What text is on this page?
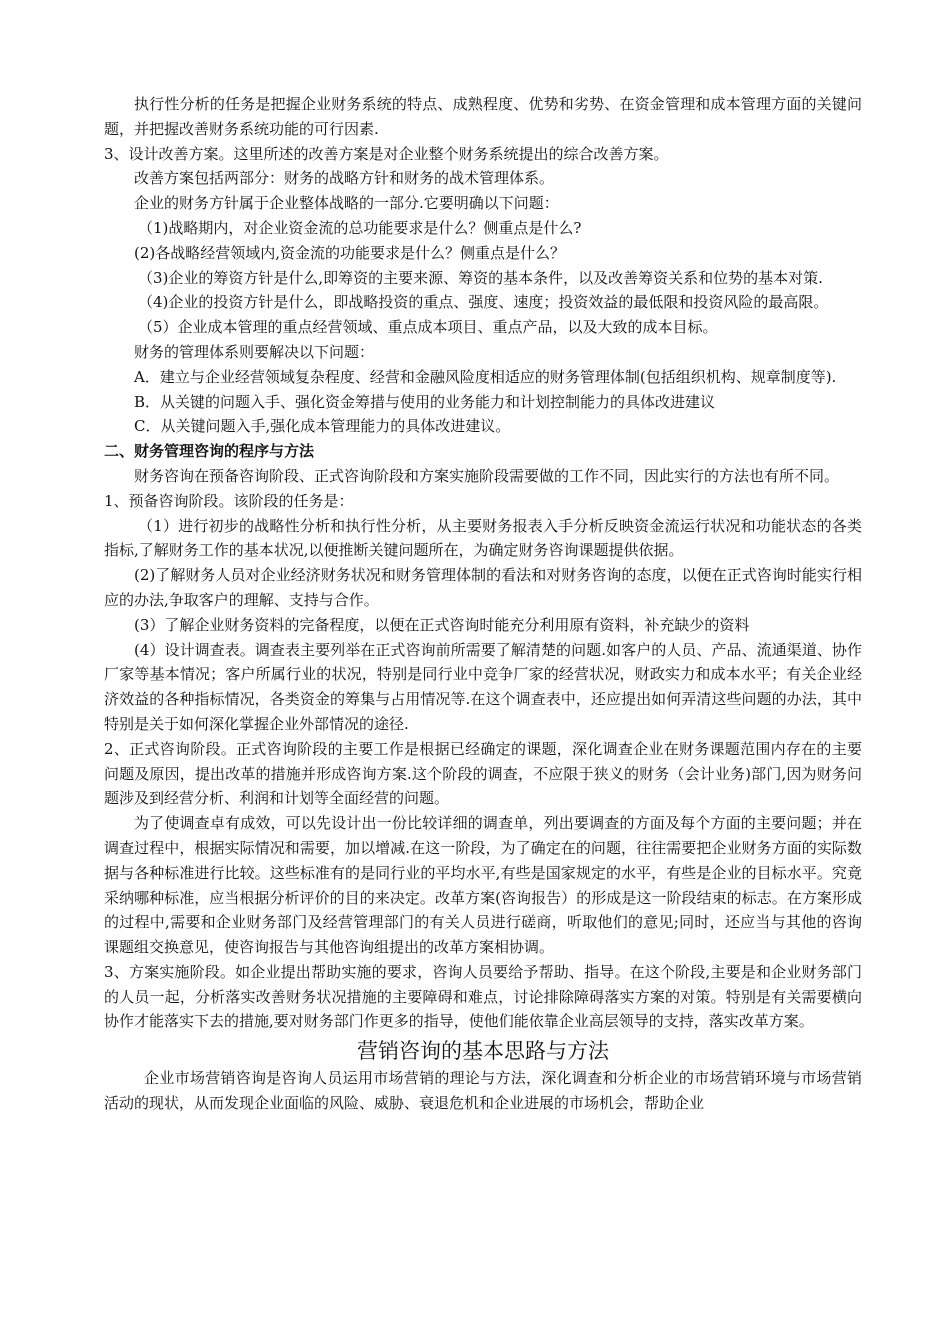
执行性分析的任务是把握企业财务系统的特点、成熟程度、优势和劣势、在资金管理和成本管理方面的关键问题，并把握改善财务系统功能的可行因素.

3、设计改善方案。这里所述的改善方案是对企业整个财务系统提出的综合改善方案。

改善方案包括两部分：财务的战略方针和财务的战术管理体系。

企业的财务方针属于企业整体战略的一部分.它要明确以下问题：

（1)战略期内，对企业资金流的总功能要求是什么？侧重点是什么?

(2)各战略经营领域内,资金流的功能要求是什么？侧重点是什么？

（3)企业的筹资方针是什么,即筹资的主要来源、筹资的基本条件，以及改善筹资关系和位势的基本对策.

（4)企业的投资方针是什么，即战略投资的重点、强度、速度；投资效益的最低限和投资风险的最高限。

（5）企业成本管理的重点经营领域、重点成本项目、重点产品，以及大致的成本目标。

财务的管理体系则要解决以下问题：

A．建立与企业经营领域复杂程度、经营和金融风险度相适应的财务管理体制(包括组织机构、规章制度等).

B．从关键的问题入手、强化资金筹措与使用的业务能力和计划控制能力的具体改进建议

C．从关键问题入手,强化成本管理能力的具体改进建议。

二、财务管理咨询的程序与方法

财务咨询在预备咨询阶段、正式咨询阶段和方案实施阶段需要做的工作不同，因此实行的方法也有所不同。

1、预备咨询阶段。该阶段的任务是：

（1）进行初步的战略性分析和执行性分析，从主要财务报表入手分析反映资金流运行状况和功能状态的各类指标,了解财务工作的基本状况,以便推断关键问题所在，为确定财务咨询课题提供依据。

(2)了解财务人员对企业经济财务状况和财务管理体制的看法和对财务咨询的态度，以便在正式咨询时能实行相应的办法,争取客户的理解、支持与合作。

(3）了解企业财务资料的完备程度，以便在正式咨询时能充分利用原有资料，补充缺少的资料

(4）设计调查表。调查表主要列举在正式咨询前所需要了解清楚的问题.如客户的人员、产品、流通渠道、协作厂家等基本情况；客户所属行业的状况，特别是同行业中竞争厂家的经营状况，财政实力和成本水平；有关企业经济效益的各种指标情况，各类资金的筹集与占用情况等.在这个调查表中，还应提出如何弄清这些问题的办法，其中特别是关于如何深化掌握企业外部情况的途径.

2、正式咨询阶段。正式咨询阶段的主要工作是根据已经确定的课题，深化调查企业在财务课题范围内存在的主要问题及原因，提出改革的措施并形成咨询方案.这个阶段的调查，不应限于狭义的财务（会计业务)部门,因为财务问题涉及到经营分析、利润和计划等全面经营的问题。

为了使调查卓有成效，可以先设计出一份比较详细的调查单，列出要调查的方面及每个方面的主要问题；并在调查过程中，根据实际情况和需要，加以增减.在这一阶段，为了确定在的问题，往往需要把企业财务方面的实际数据与各种标准进行比较。这些标准有的是同行业的平均水平,有些是国家规定的水平，有些是企业的目标水平。究竟采纳哪种标准，应当根据分析评价的目的来决定。改革方案(咨询报告）的形成是这一阶段结束的标志。在方案形成的过程中,需要和企业财务部门及经营管理部门的有关人员进行磋商，听取他们的意见;同时，还应当与其他的咨询课题组交换意见，使咨询报告与其他咨询组提出的改革方案相协调。

3、方案实施阶段。如企业提出帮助实施的要求，咨询人员要给予帮助、指导。在这个阶段,主要是和企业财务部门的人员一起，分析落实改善财务状况措施的主要障碍和难点，讨论排除障碍落实方案的对策。特别是有关需要横向协作才能落实下去的措施,要对财务部门作更多的指导，使他们能依靠企业高层领导的支持，落实改革方案。

营销咨询的基本思路与方法

企业市场营销咨询是咨询人员运用市场营销的理论与方法，深化调查和分析企业的市场营销环境与市场营销活动的现状，从而发现企业面临的风险、威胁、衰退危机和企业进展的市场机会，帮助企业
